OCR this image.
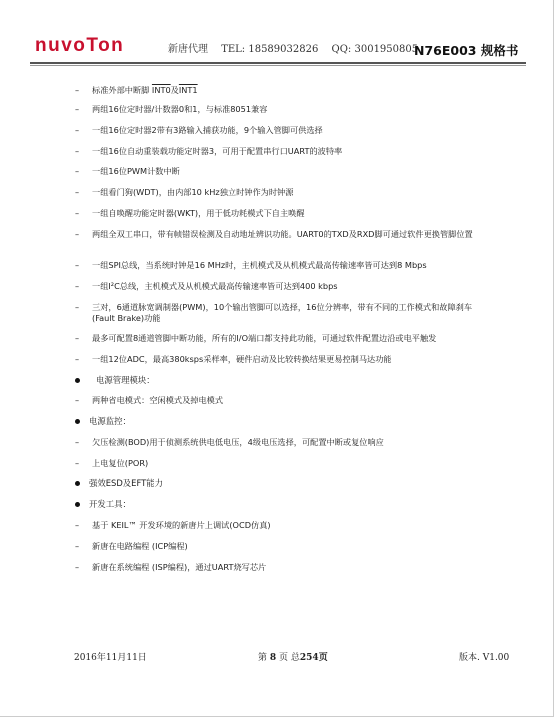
nuvoTon	新唐代理 TEL: 18589032826 QQ: 3001950805
N76E003 规格书
– 标准外部中断脚 INT0及INT1
– 两组16位定时器/计数器0和1，与标准8051兼容
– 一组16位定时器2带有3路输入捕获功能，9个输入管脚可供选择
– 一组16位自动重装载功能定时器3，可用于配置串行口UART的波特率
– 一组16位PWM计数中断
– 一组看门狗(WDT)，由内部10 kHz独立时钟作为时钟源
– 一组自唤醒功能定时器(WKT)，用于低功耗模式下自主唤醒
– 两组全双工串口，带有帧错误检测及自动地址辨识功能。UART0的TXD及RXD脚可通过软件更换管脚位置
– 一组SPI总线，当系统时钟是16 MHz时，主机模式及从机模式最高传输速率皆可达到8 Mbps
– 一组I²C总线，主机模式及从机模式最高传输速率皆可达到400 kbps
– 三对，6通道脉宽调制器(PWM)，10个输出管脚可以选择，16位分辨率，带有不同的工作模式和故障刹车(Fault Brake)功能
– 最多可配置8通道管脚中断功能，所有的I/O端口都支持此功能，可通过软件配置边沿或电平触发
– 一组12位ADC，最高380ksps采样率，硬件启动及比较转换结果更易控制马达功能
电源管理模块：
– 两种省电模式：空闲模式及掉电模式
电源监控：
– 欠压检测(BOD)用于侦测系统供电低电压，4级电压选择，可配置中断或复位响应
– 上电复位(POR)
强效ESD及EFT能力
开发工具：
– 基于 KEIL™ 开发环境的新唐片上调试(OCD仿真)
– 新唐在电路编程 (ICP编程)
– 新唐在系统编程 (ISP编程)，通过UART烧写芯片
2016年11月11日	第 8 页 总254页	版本. V1.00
